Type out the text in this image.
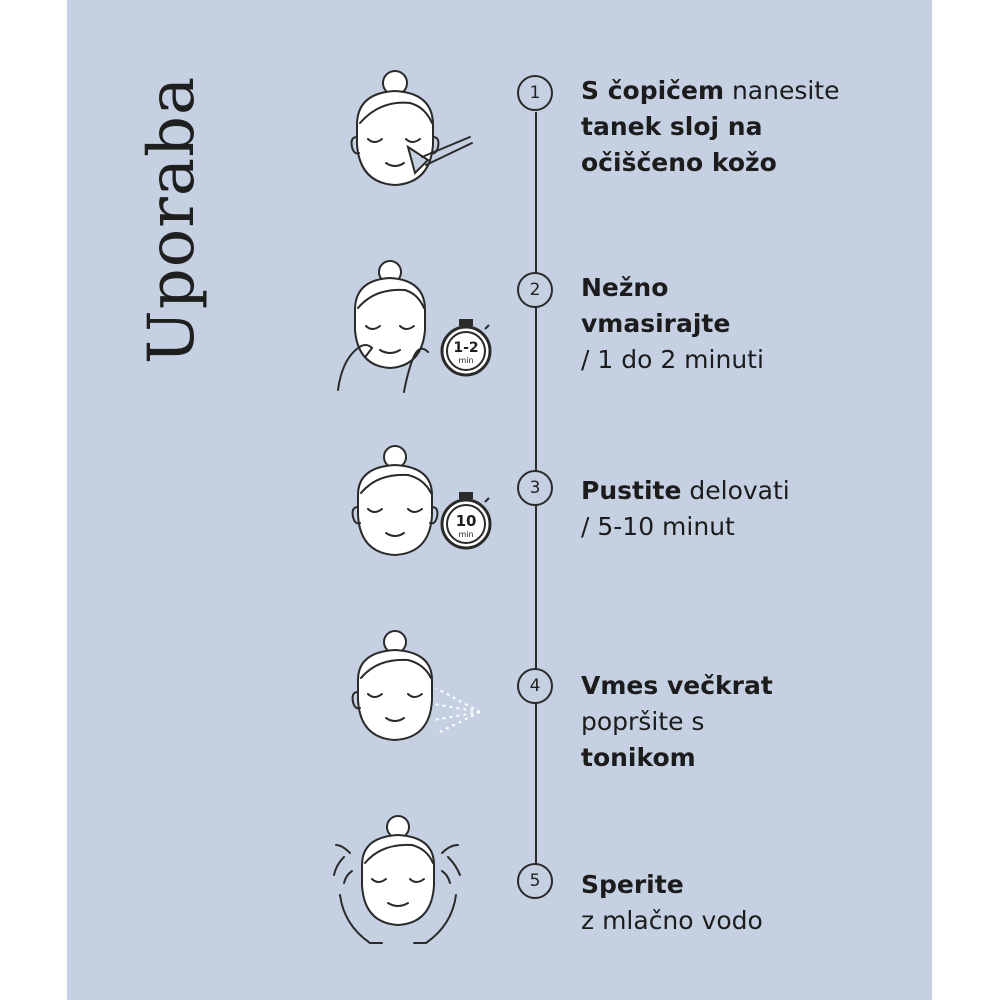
Uporaba	1	S čopičem nanesite
tanek sloj na
očiščeno kožo
1-2
min
2	Nežno
vmasirajte
/ 1 do 2 minuti
10
min
3	Pustite delovati
/ 5-10 minut
4	Vmes večkrat
popršite s
tonikom
5	Sperite
z mlačno vodo
